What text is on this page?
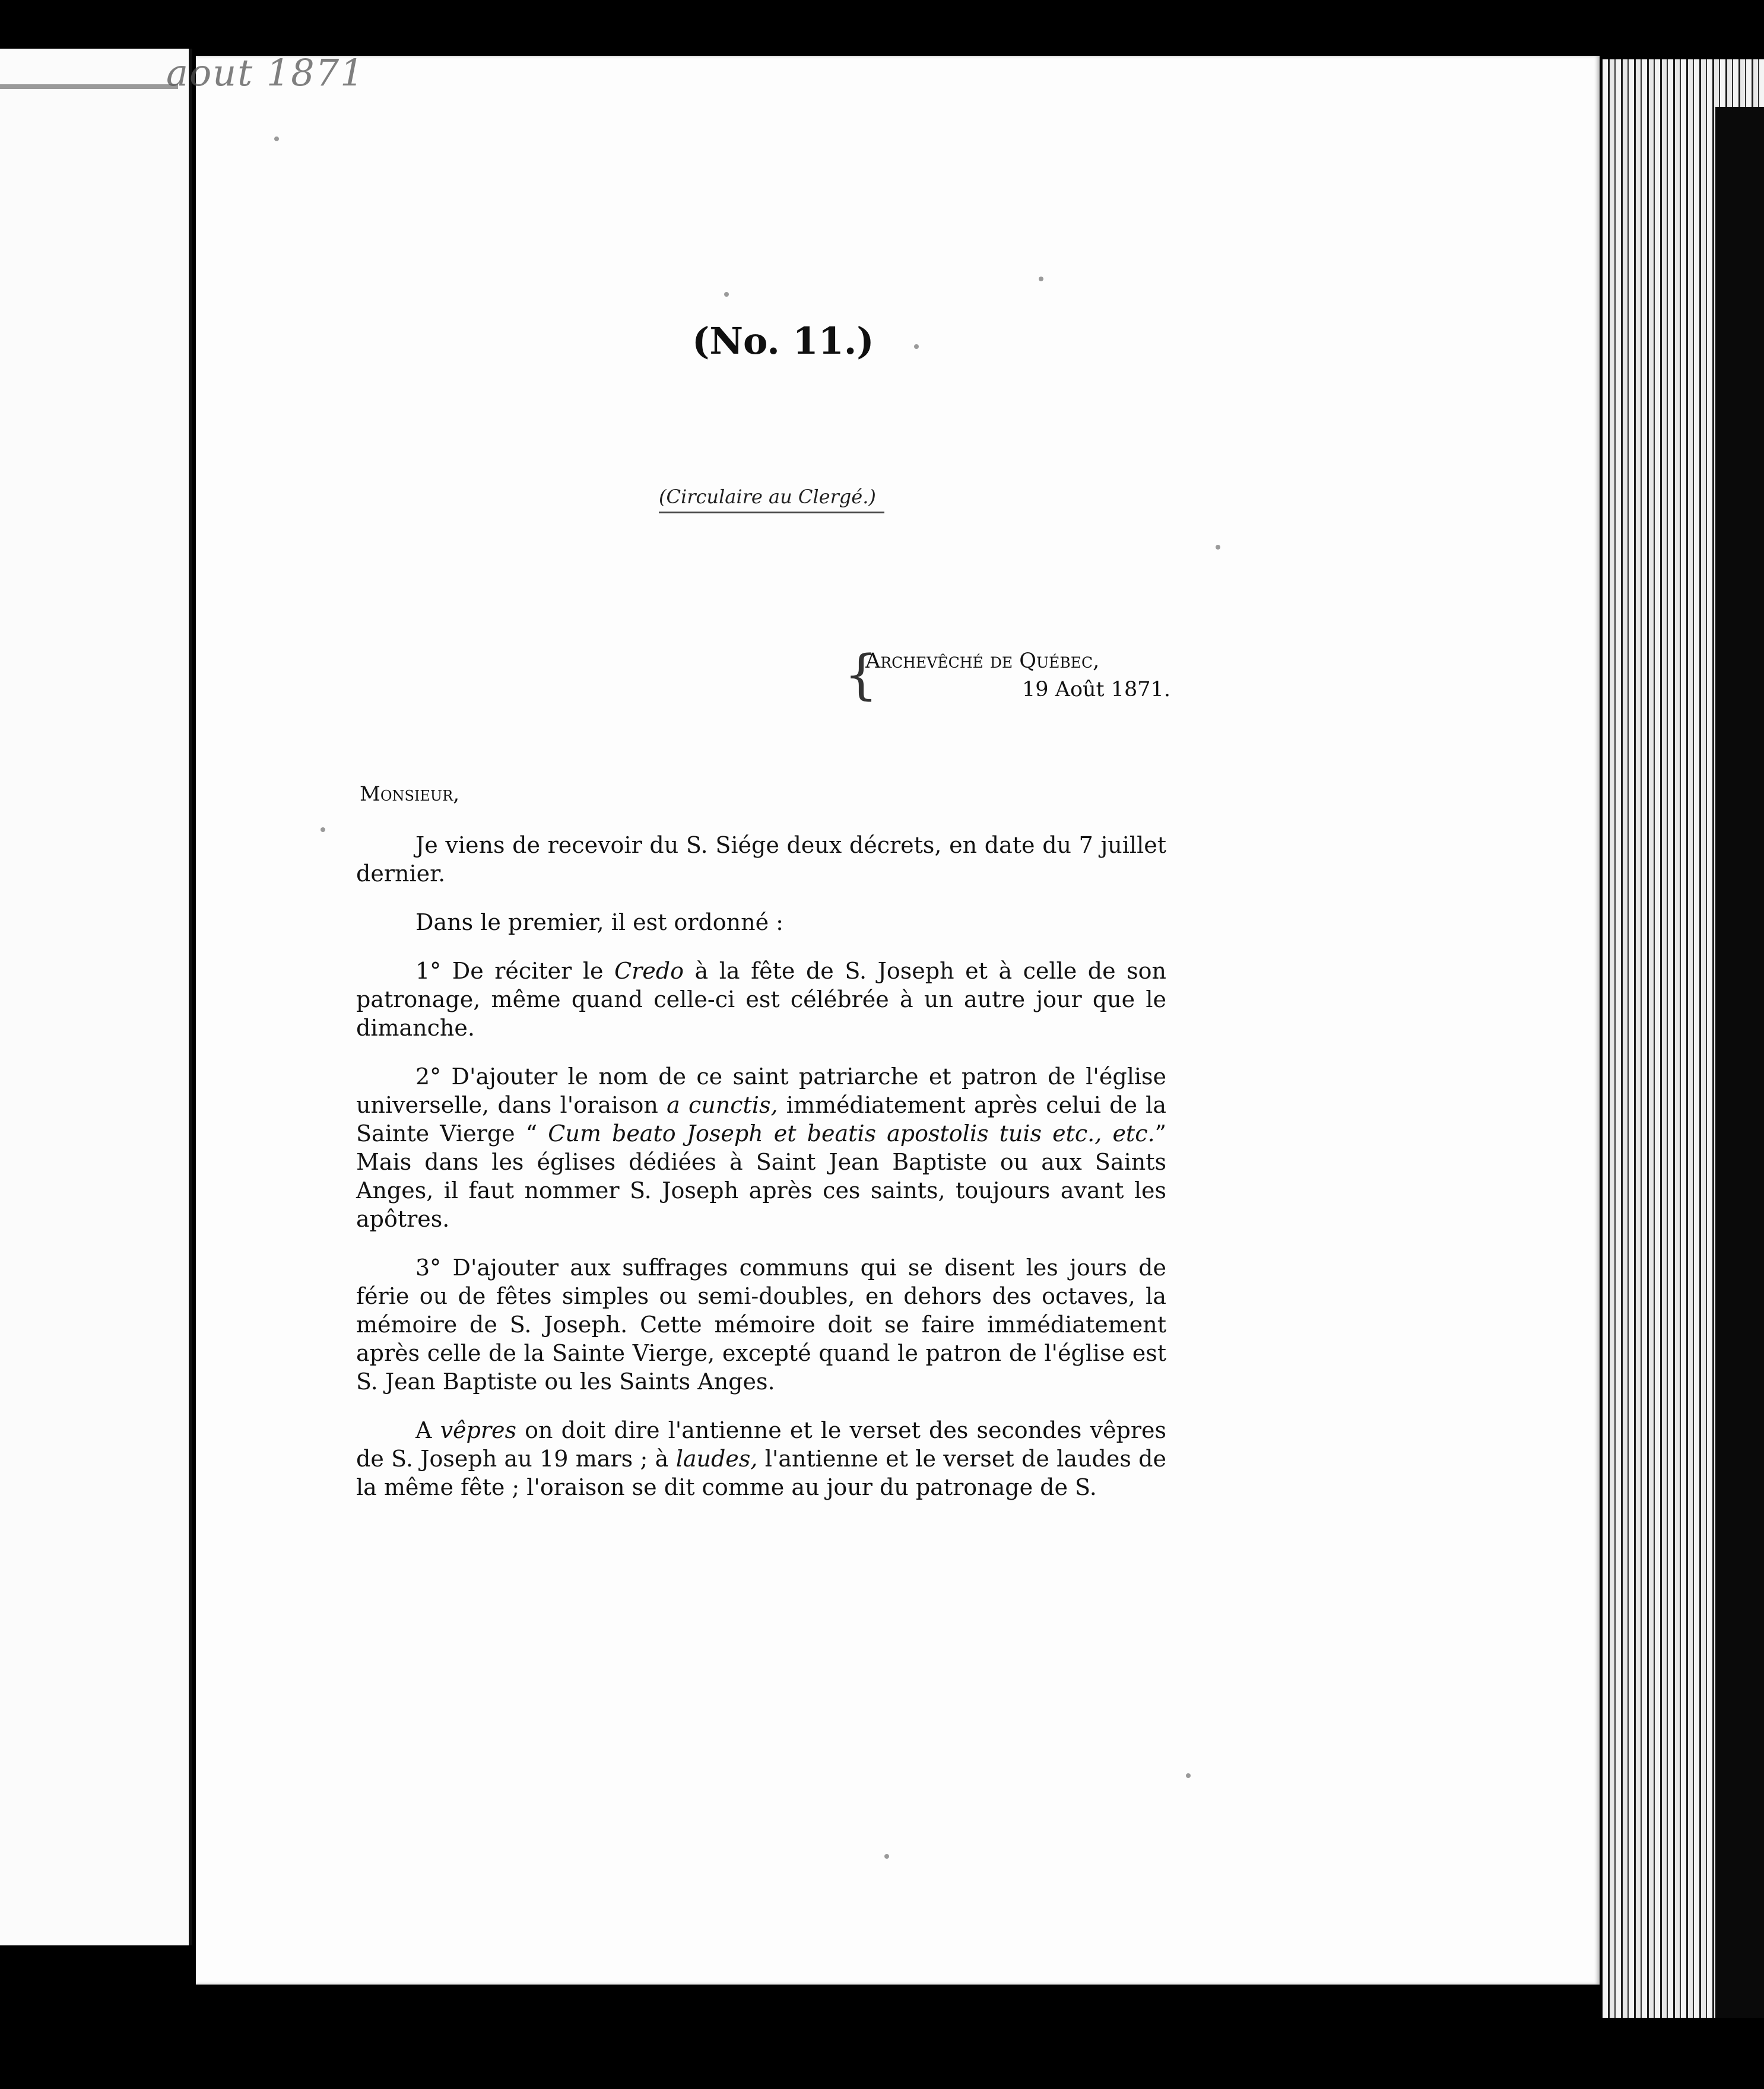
aout 1871
(No. 11.)
(Circulaire au Clergé.)
{
Archevêché de Québec,
19 Août 1871.
Monsieur,

Je viens de recevoir du S. Siége deux décrets, en date du 7 juillet dernier.

Dans le premier, il est ordonné :

1° De réciter le Credo à la fête de S. Joseph et à celle de son patronage, même quand celle-ci est célébrée à un autre jour que le dimanche.

2° D'ajouter le nom de ce saint patriarche et patron de l'église universelle, dans l'oraison a cunctis, immédiatement après celui de la Sainte Vierge “ Cum beato Joseph et beatis apostolis tuis etc., etc.” Mais dans les églises dédiées à Saint Jean Baptiste ou aux Saints Anges, il faut nommer S. Joseph après ces saints, toujours avant les apôtres.

3° D'ajouter aux suffrages communs qui se disent les jours de férie ou de fêtes simples ou semi-doubles, en dehors des octaves, la mémoire de S. Joseph. Cette mémoire doit se faire immédiatement après celle de la Sainte Vierge, excepté quand le patron de l'église est S. Jean Baptiste ou les Saints Anges.

A vêpres on doit dire l'antienne et le verset des secondes vêpres de S. Joseph au 19 mars ; à laudes, l'antienne et le verset de laudes de la même fête ; l'oraison se dit comme au jour du patronage de S.
